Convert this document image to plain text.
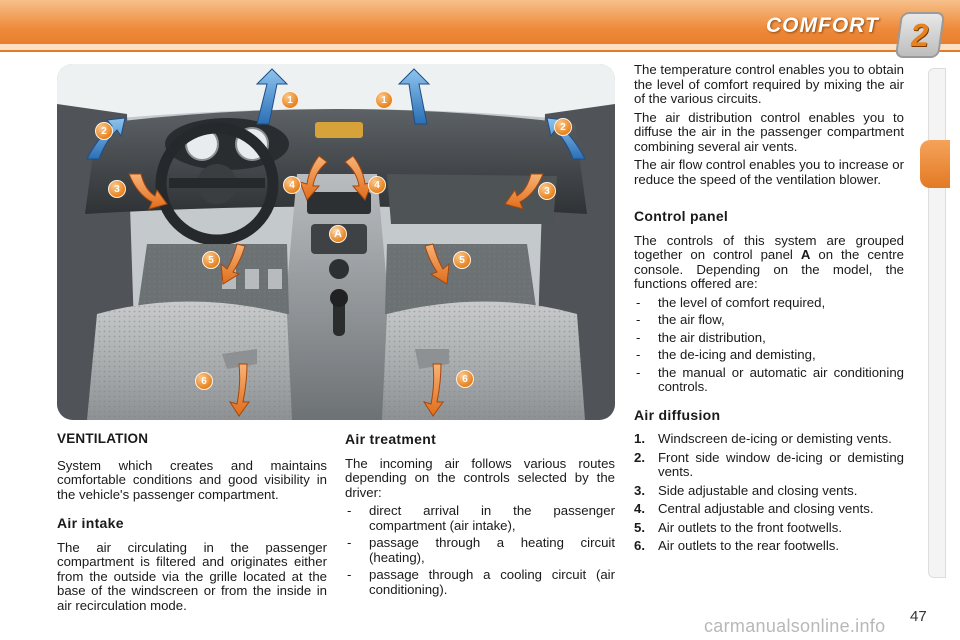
COMFORT 2
1	1
2	2
3	3
4	4
5	5
6	6
A
VENTILATION

System which creates and maintains comfortable conditions and good visibility in the vehicle's passenger compartment.

Air intake

The air circulating in the passenger compartment is filtered and originates either from the outside via the grille located at the base of the windscreen or from the inside in air recirculation mode.

Air treatment

The incoming air follows various routes depending on the controls selected by the driver:

- direct arrival in the passenger compartment (air intake),
- passage through a heating circuit (heating),
- passage through a cooling circuit (air conditioning).

The temperature control enables you to obtain the level of comfort required by mixing the air of the various circuits.

The air distribution control enables you to diffuse the air in the passenger compartment combining several air vents.

The air flow control enables you to increase or reduce the speed of the ventilation blower.

Control panel

The controls of this system are grouped together on control panel A on the centre console. Depending on the model, the functions offered are:

- the level of comfort required,
- the air flow,
- the air distribution,
- the de-icing and demisting,
- the manual or automatic air conditioning controls.
Air diffusion
1. Windscreen de-icing or demisting vents.
2. Front side window de-icing or demisting vents.
3. Side adjustable and closing vents.
4. Central adjustable and closing vents.
5. Air outlets to the front footwells.
6. Air outlets to the rear footwells.
carmanualsonline.info 47
